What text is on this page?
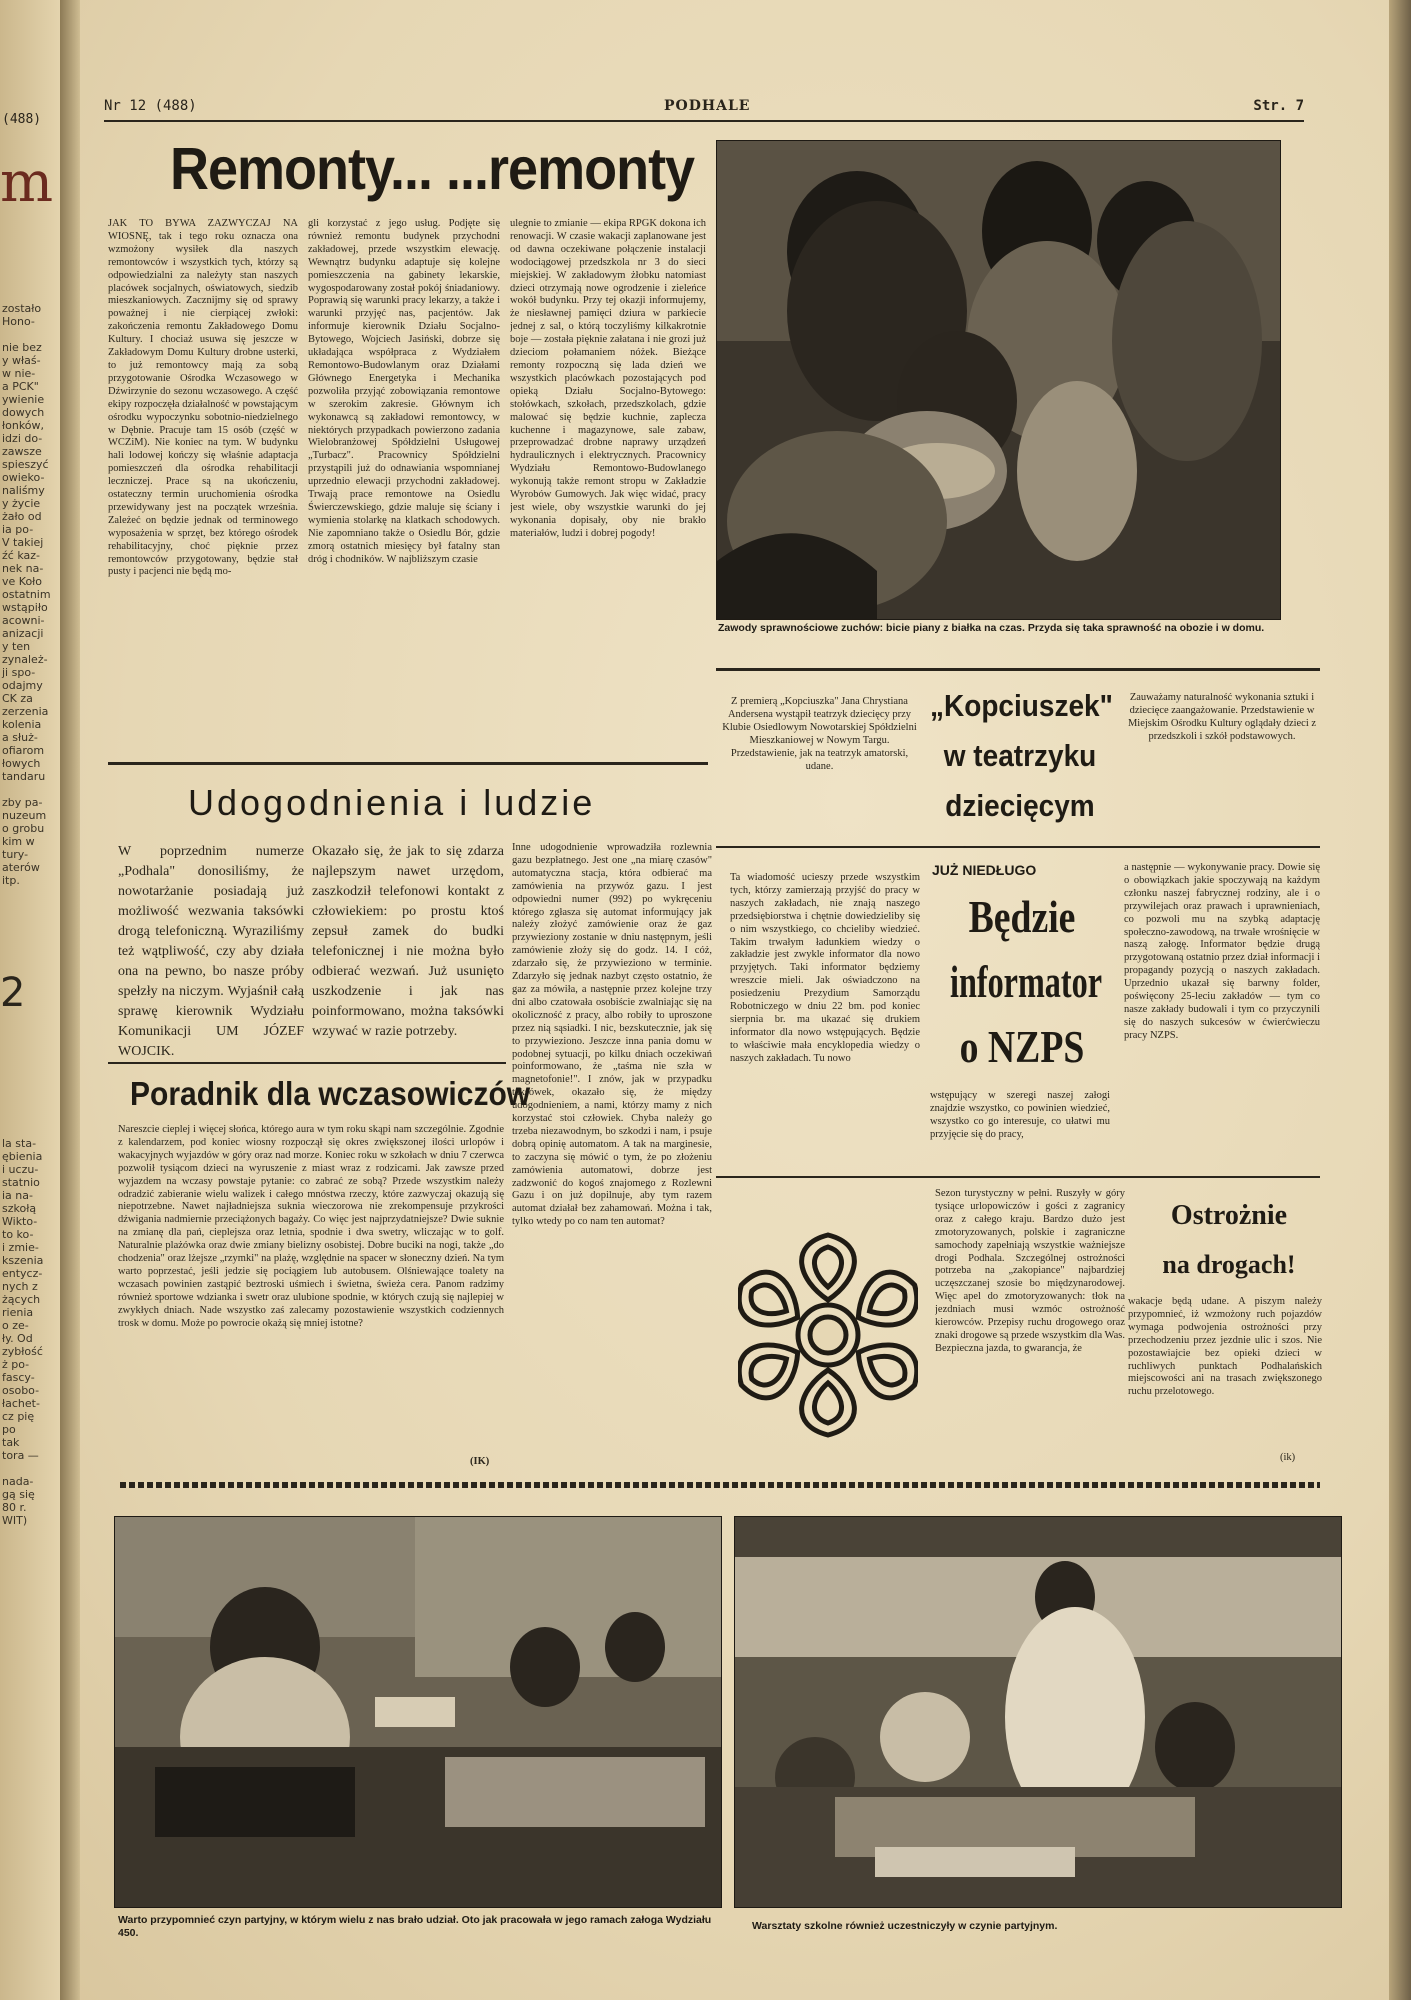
(488)
m
zostało
Hono-

nie bez
y właś-
w nie-
a PCK"
ywienie
dowych
łonków,
idzi do-
zawsze
spieszyć
owieko-
naliśmy
y życie
żało od
ia po-
V takiej
źć kaz-
nek na-
ve Koło
ostatnim
wstąpiło
acowni-
anizacji
y ten
zynależ-
ji spo-
odajmy
CK za
zerzenia
kolenia
a służ-
ofiarom
łowych
tandaru

zby pa-
nuzeum
o grobu
kim w
tury-
aterów
itp.
2
la sta-
ębienia
i uczu-
statnio
ia na-
szkołą
Wikto-
to ko-
i zmie-
kszenia
entycz-
nych z
żących
rienia
o ze-
ły. Od
zybłość
ż po-
fascy-
osobo-
łachet-
cz pię
po
tak
tora —

nada-
gą się
80 r.
WIT)
Nr 12 (488)	PODHALE	Str. 7
Remonty... ...remonty
JAK TO BYWA ZAZWYCZAJ NA WIOSNĘ, tak i tego roku oznacza ona wzmożony wysiłek dla naszych remontowców i wszystkich tych, którzy są odpowiedzialni za należyty stan naszych placówek socjalnych, oświatowych, siedzib mieszkaniowych. Zacznijmy się od sprawy poważnej i nie cierpiącej zwłoki: zakończenia remontu Zakładowego Domu Kultury. I chociaż usuwa się jeszcze w Zakładowym Domu Kultury drobne usterki, to już remontowcy mają za sobą przygotowanie Ośrodka Wczasowego w Dźwirzynie do sezonu wczasowego. A część ekipy rozpoczęła działalność w powstającym ośrodku wypoczynku sobotnio-niedzielnego w Dębnie. Pracuje tam 15 osób (część w WCZiM). Nie koniec na tym. W budynku hali lodowej kończy się właśnie adaptacja pomieszczeń dla ośrodka rehabilitacji leczniczej. Prace są na ukończeniu, ostateczny termin uruchomienia ośrodka przewidywany jest na początek września. Zależeć on będzie jednak od terminowego wyposażenia w sprzęt, bez którego ośrodek rehabilitacyjny, choć pięknie przez remontowców przygotowany, będzie stał pusty i pacjenci nie będą mo-
gli korzystać z jego usług. Podjęte się również remontu budynek przychodni zakładowej, przede wszystkim elewację. Wewnątrz budynku adaptuje się kolejne pomieszczenia na gabinety lekarskie, wygospodarowany został pokój śniadaniowy. Poprawią się warunki pracy lekarzy, a także i warunki przyjęć nas, pacjentów. Jak informuje kierownik Działu Socjalno-Bytowego, Wojciech Jasiński, dobrze się układająca współpraca z Wydziałem Remontowo-Budowlanym oraz Działami Głównego Energetyka i Mechanika pozwoliła przyjąć zobowiązania remontowe w szerokim zakresie. Głównym ich wykonawcą są zakładowi remontowcy, w niektórych przypadkach powierzono zadania Wielobranżowej Spółdzielni Usługowej „Turbacz". Pracownicy Spółdzielni przystąpili już do odnawiania wspomnianej uprzednio elewacji przychodni zakładowej. Trwają prace remontowe na Osiedlu Świerczewskiego, gdzie maluje się ściany i wymienia stolarkę na klatkach schodowych. Nie zapomniano także o Osiedlu Bór, gdzie zmorą ostatnich miesięcy był fatalny stan dróg i chodników. W najbliższym czasie
ulegnie to zmianie — ekipa RPGK dokona ich renowacji. W czasie wakacji zaplanowane jest od dawna oczekiwane połączenie instalacji wodociągowej przedszkola nr 3 do sieci miejskiej. W zakładowym żłobku natomiast dzieci otrzymają nowe ogrodzenie i zieleńce wokół budynku. Przy tej okazji informujemy, że niesławnej pamięci dziura w parkiecie jednej z sal, o którą toczyliśmy kilkakrotnie boje — została pięknie załatana i nie grozi już dzieciom połamaniem nóżek. Bieżące remonty rozpoczną się lada dzień we wszystkich placówkach pozostających pod opieką Działu Socjalno-Bytowego: stołówkach, szkołach, przedszkolach, gdzie malować się będzie kuchnie, zaplecza kuchenne i magazynowe, sale zabaw, przeprowadzać drobne naprawy urządzeń hydraulicznych i elektrycznych. Pracownicy Wydziału Remontowo-Budowlanego wykonują także remont stropu w Zakładzie Wyrobów Gumowych. Jak więc widać, pracy jest wiele, oby wszystkie warunki do jej wykonania dopisały, oby nie brakło materiałów, ludzi i dobrej pogody!
Zawody sprawnościowe zuchów: bicie piany z białka na czas. Przyda się taka sprawność na obozie i w domu.
Z premierą „Kopciuszka" Jana Chrystiana Andersena wystąpił teatrzyk dziecięcy przy Klubie Osiedlowym Nowotarskiej Spółdzielni Mieszkaniowej w Nowym Targu. Przedstawienie, jak na teatrzyk amatorski, udane.
„Kopciuszek"
w teatrzyku
dziecięcym
Zauważamy naturalność wykonania sztuki i dziecięce zaangażowanie. Przedstawienie w Miejskim Ośrodku Kultury oglądały dzieci z przedszkoli i szkół podstawowych.
Udogodnienia i ludzie
W poprzednim numerze „Podhala" donosiliśmy, że nowotarżanie posiadają już możliwość wezwania taksówki drogą telefoniczną. Wyraziliśmy też wątpliwość, czy aby działa ona na pewno, bo nasze próby spełzły na niczym. Wyjaśnił całą sprawę kierownik Wydziału Komunikacji UM JÓZEF WOJCIK.
Okazało się, że jak to się zdarza najlepszym nawet urzędom, zaszkodził telefonowi kontakt z człowiekiem: po prostu ktoś zepsuł zamek do budki telefonicznej i nie można było odbierać wezwań. Już usunięto uszkodzenie i jak nas poinformowano, można taksówki wzywać w razie potrzeby.
Inne udogodnienie wprowadziła rozlewnia gazu bezpłatnego. Jest one „na miarę czasów" automatyczna stacja, która odbierać ma zamówienia na przywóz gazu. I jest odpowiedni numer (992) po wykręceniu którego zgłasza się automat informujący jak należy złożyć zamówienie oraz że gaz przywieziony zostanie w dniu następnym, jeśli zamówienie złoży się do godz. 14. I cóż, zdarzało się, że przywieziono w terminie. Zdarzyło się jednak nazbyt często ostatnio, że gaz za mówiła, a następnie przez kolejne trzy dni albo czatowała osobiście zwalniając się na okoliczność z pracy, albo robiły to uproszone przez nią sąsiadki. I nic, bezskutecznie, jak się to przywieziono. Jeszcze inna pania domu w podobnej sytuacji, po kilku dniach oczekiwań poinformowano, że „taśma nie szła w magnetofonie!". I znów, jak w przypadku taksówek, okazało się, że między udogodnieniem, a nami, którzy mamy z nich korzystać stoi człowiek. Chyba należy go trzeba niezawodnym, bo szkodzi i nam, i psuje dobrą opinię automatom. A tak na marginesie, to zaczyna się mówić o tym, że po złożeniu zamówienia automatowi, dobrze jest zadzwonić do kogoś znajomego z Rozlewni Gazu i on już dopilnuje, aby tym razem automat działał bez zahamowań. Można i tak, tylko wtedy po co nam ten automat?
Poradnik dla wczasowiczów
Nareszcie cieplej i więcej słońca, którego aura w tym roku skąpi nam szczególnie. Zgodnie z kalendarzem, pod koniec wiosny rozpoczął się okres zwiększonej ilości urlopów i wakacyjnych wyjazdów w góry oraz nad morze. Koniec roku w szkołach w dniu 7 czerwca pozwolił tysiącom dzieci na wyruszenie z miast wraz z rodzicami. Jak zawsze przed wyjazdem na wczasy powstaje pytanie: co zabrać ze sobą? Przede wszystkim należy odradzić zabieranie wielu walizek i całego mnóstwa rzeczy, które zazwyczaj okazują się niepotrzebne. Nawet najładniejsza suknia wieczorowa nie zrekompensuje przykrości dźwigania nadmiernie przeciążonych bagaży. Co więc jest najprzydatniejsze? Dwie suknie na zmianę dla pań, cieplejsza oraz letnia, spodnie i dwa swetry, wliczając w to golf. Naturalnie plażówka oraz dwie zmiany bielizny osobistej. Dobre buciki na nogi, także „do chodzenia" oraz lżejsze „rzymki" na plażę, względnie na spacer w słoneczny dzień. Na tym warto poprzestać, jeśli jedzie się pociągiem lub autobusem. Olśniewające toalety na wczasach powinien zastąpić beztroski uśmiech i świetna, świeża cera. Panom radzimy również sportowe wdzianka i swetr oraz ulubione spodnie, w których czują się najlepiej w zwykłych dniach. Nade wszystko zaś zalecamy pozostawienie wszystkich codziennych trosk w domu. Może po powrocie okażą się mniej istotne?
(IK)
Ta wiadomość ucieszy przede wszystkim tych, którzy zamierzają przyjść do pracy w naszych zakładach, nie znają naszego przedsiębiorstwa i chętnie dowiedzieliby się o nim wszystkiego, co chcieliby wiedzieć. Takim trwałym ładunkiem wiedzy o zakładzie jest zwykle informator dla nowo przyjętych. Taki informator będziemy wreszcie mieli. Jak oświadczono na posiedzeniu Prezydium Samorządu Robotniczego w dniu 22 bm. pod koniec sierpnia br. ma ukazać się drukiem informator dla nowo wstępujących. Będzie to właściwie mała encyklopedia wiedzy o naszych zakładach. Tu nowo
JUŻ NIEDŁUGO
Będzie
informator
o NZPS
wstępujący w szeregi naszej załogi znajdzie wszystko, co powinien wiedzieć, wszystko co go interesuje, co ułatwi mu przyjęcie się do pracy,
a następnie — wykonywanie pracy. Dowie się o obowiązkach jakie spoczywają na każdym członku naszej fabrycznej rodziny, ale i o przywilejach oraz prawach i uprawnieniach, co pozwoli mu na szybką adaptację społeczno-zawodową, na trwałe wrośnięcie w naszą załogę. Informator będzie drugą przygotowaną ostatnio przez dział informacji i propagandy pozycją o naszych zakładach. Uprzednio ukazał się barwny folder, poświęcony 25-leciu zakładów — tym co nasze zakłady budowali i tym co przyczynili się do naszych sukcesów w ćwierćwieczu pracy NZPS.
Sezon turystyczny w pełni. Ruszyły w góry tysiące urlopowiczów i gości z zagranicy oraz z całego kraju. Bardzo dużo jest zmotoryzowanych, polskie i zagraniczne samochody zapełniają wszystkie ważniejsze drogi Podhala. Szczególnej ostrożności potrzeba na „zakopiance" najbardziej uczęszczanej szosie bo międzynarodowej. Więc apel do zmotoryzowanych: tłok na jezdniach musi wzmóc ostrożność kierowców. Przepisy ruchu drogowego oraz znaki drogowe są przede wszystkim dla Was. Bezpieczna jazda, to gwarancja, że
Ostrożnie
na drogach!
wakacje będą udane. A piszym należy przypomnieć, iż wzmożony ruch pojazdów wymaga podwojenia ostrożności przy przechodzeniu przez jezdnie ulic i szos. Nie pozostawiajcie bez opieki dzieci w ruchliwych punktach Podhalańskich miejscowości ani na trasach zwiększonego ruchu przelotowego.
(ik)
Warto przypomnieć czyn partyjny, w którym wielu z nas brało udział. Oto jak pracowała w jego ramach załoga Wydziału 450.
Warsztaty szkolne również uczestniczyły w czynie partyjnym.
